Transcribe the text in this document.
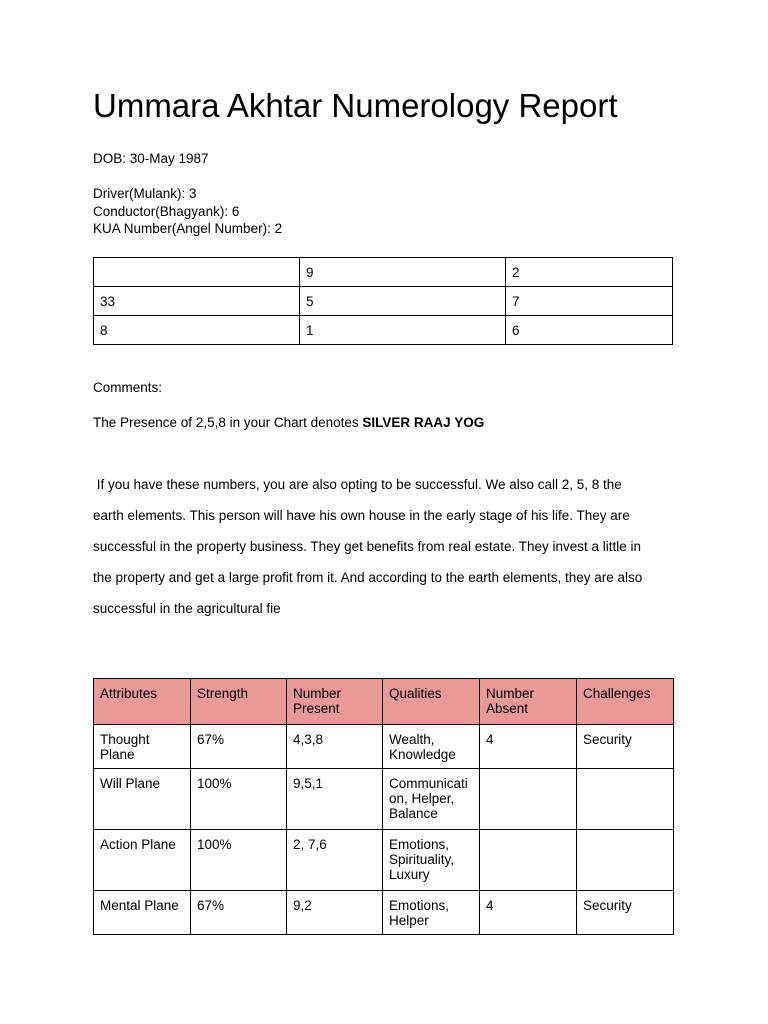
Ummara Akhtar Numerology Report
DOB: 30-May 1987
Driver(Mulank): 3
Conductor(Bhagyank): 6
KUA Number(Angel Number): 2
	9	2
33	5	7
8	1	6
Comments:
The Presence of 2,5,8 in your Chart denotes SILVER RAAJ YOG
If you have these numbers, you are also opting to be successful. We also call 2, 5, 8 the
earth elements. This person will have his own house in the early stage of his life. They are
successful in the property business. They get benefits from real estate. They invest a little in
the property and get a large profit from it. And according to the earth elements, they are also
successful in the agricultural fie
Attributes	Strength	Number Present	Qualities	Number Absent	Challenges
Thought Plane	67%	4,3,8	Wealth, Knowledge	4	Security
Will Plane	100%	9,5,1	Communication, Helper, Balance		
Action Plane	100%	2, 7,6	Emotions, Spirituality, Luxury		
Mental Plane	67%	9,2	Emotions, Helper	4	Security
